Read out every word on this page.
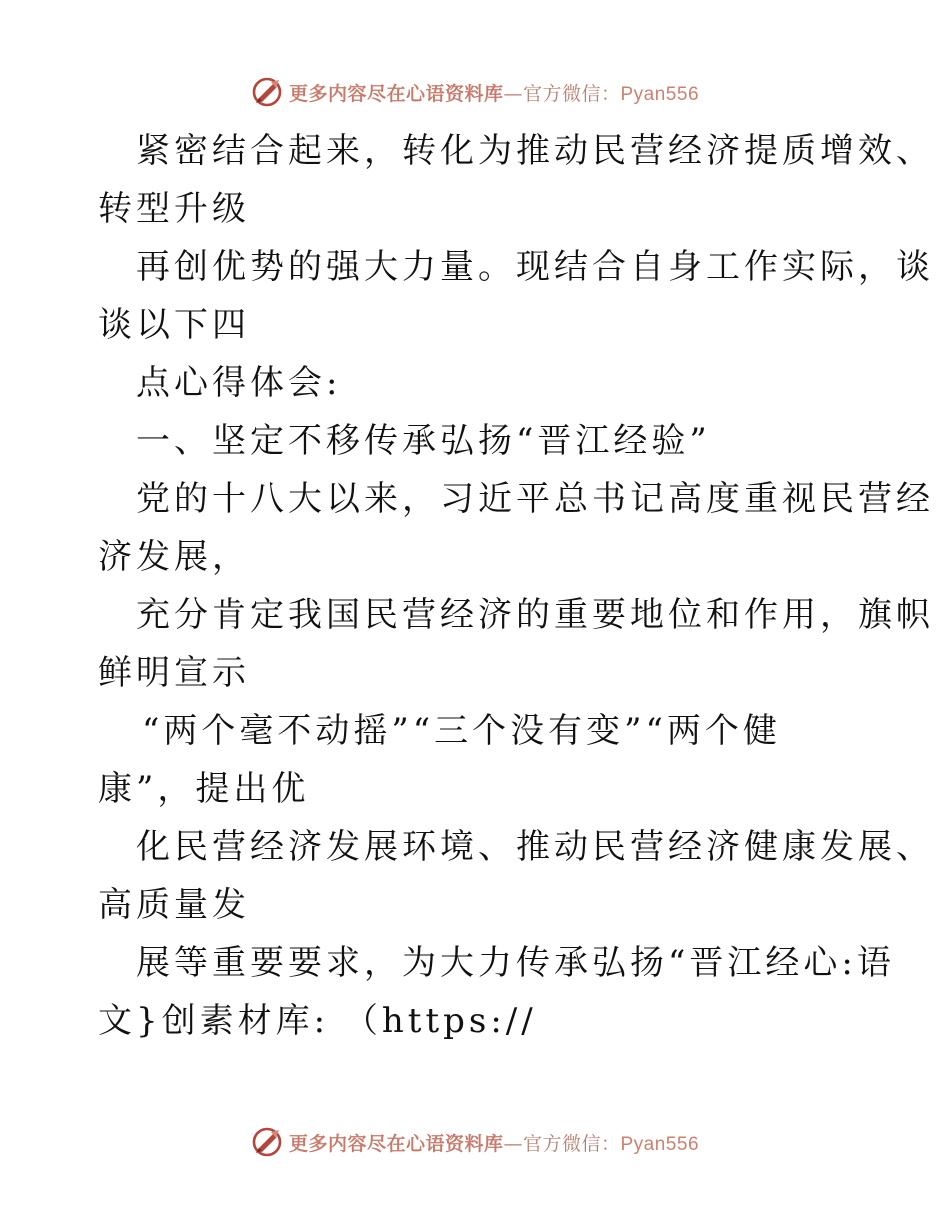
更多内容尽在心语资料库—官方微信：Pyan556
紧密结合起来，转化为推动民营经济提质增效、
转型升级
再创优势的强大力量。现结合自身工作实际，谈
谈以下四
点心得体会:
一、坚定不移传承弘扬“晋江经验”
党的十八大以来，习近平总书记高度重视民营经
济发展，
充分肯定我国民营经济的重要地位和作用，旗帜
鲜明宣示
“两个毫不动摇”“三个没有变”“两个健
康”，提出优
化民营经济发展环境、推动民营经济健康发展、
高质量发
展等重要要求，为大力传承弘扬“晋江经心:语
文}创素材库: （https://
更多内容尽在心语资料库—官方微信：Pyan556
